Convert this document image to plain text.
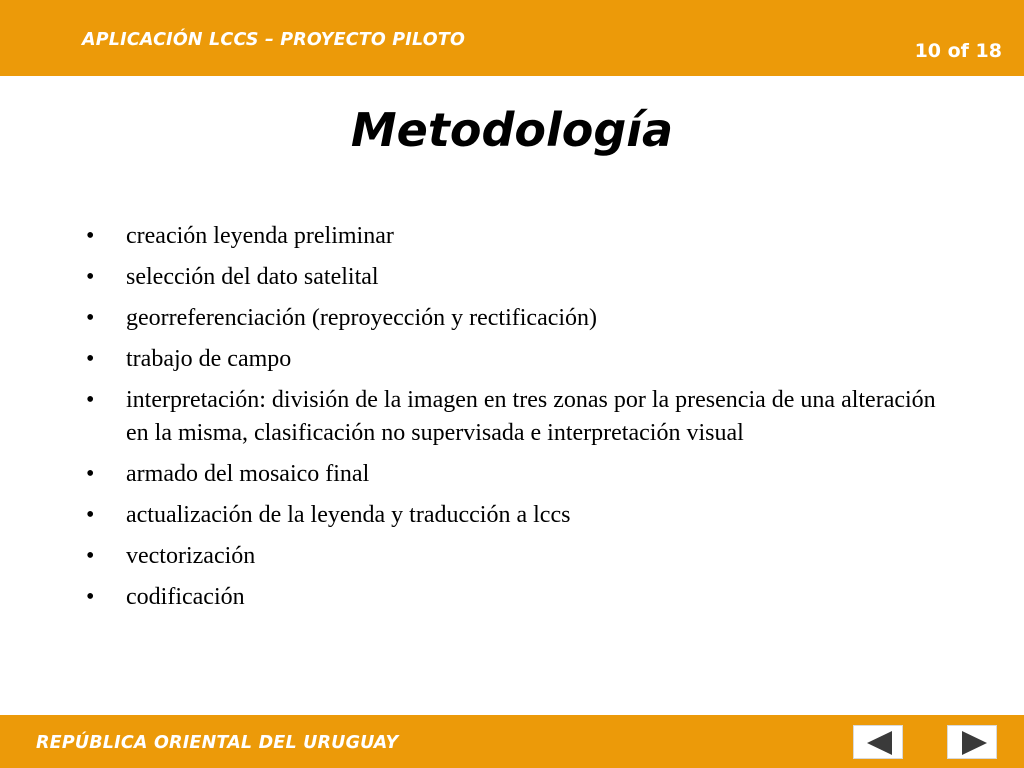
APLICACIÓN LCCS – PROYECTO PILOTO	10 of 18
Metodología
• creación leyenda preliminar
• selección del dato satelital
• georreferenciación (reproyección y rectificación)
• trabajo de campo
• interpretación: división de la imagen en tres zonas por la presencia de una alteración en la misma, clasificación no supervisada e interpretación visual
• armado del mosaico final
• actualización de la leyenda y traducción a lccs
• vectorización
• codificación
REPÚBLICA ORIENTAL DEL URUGUAY
